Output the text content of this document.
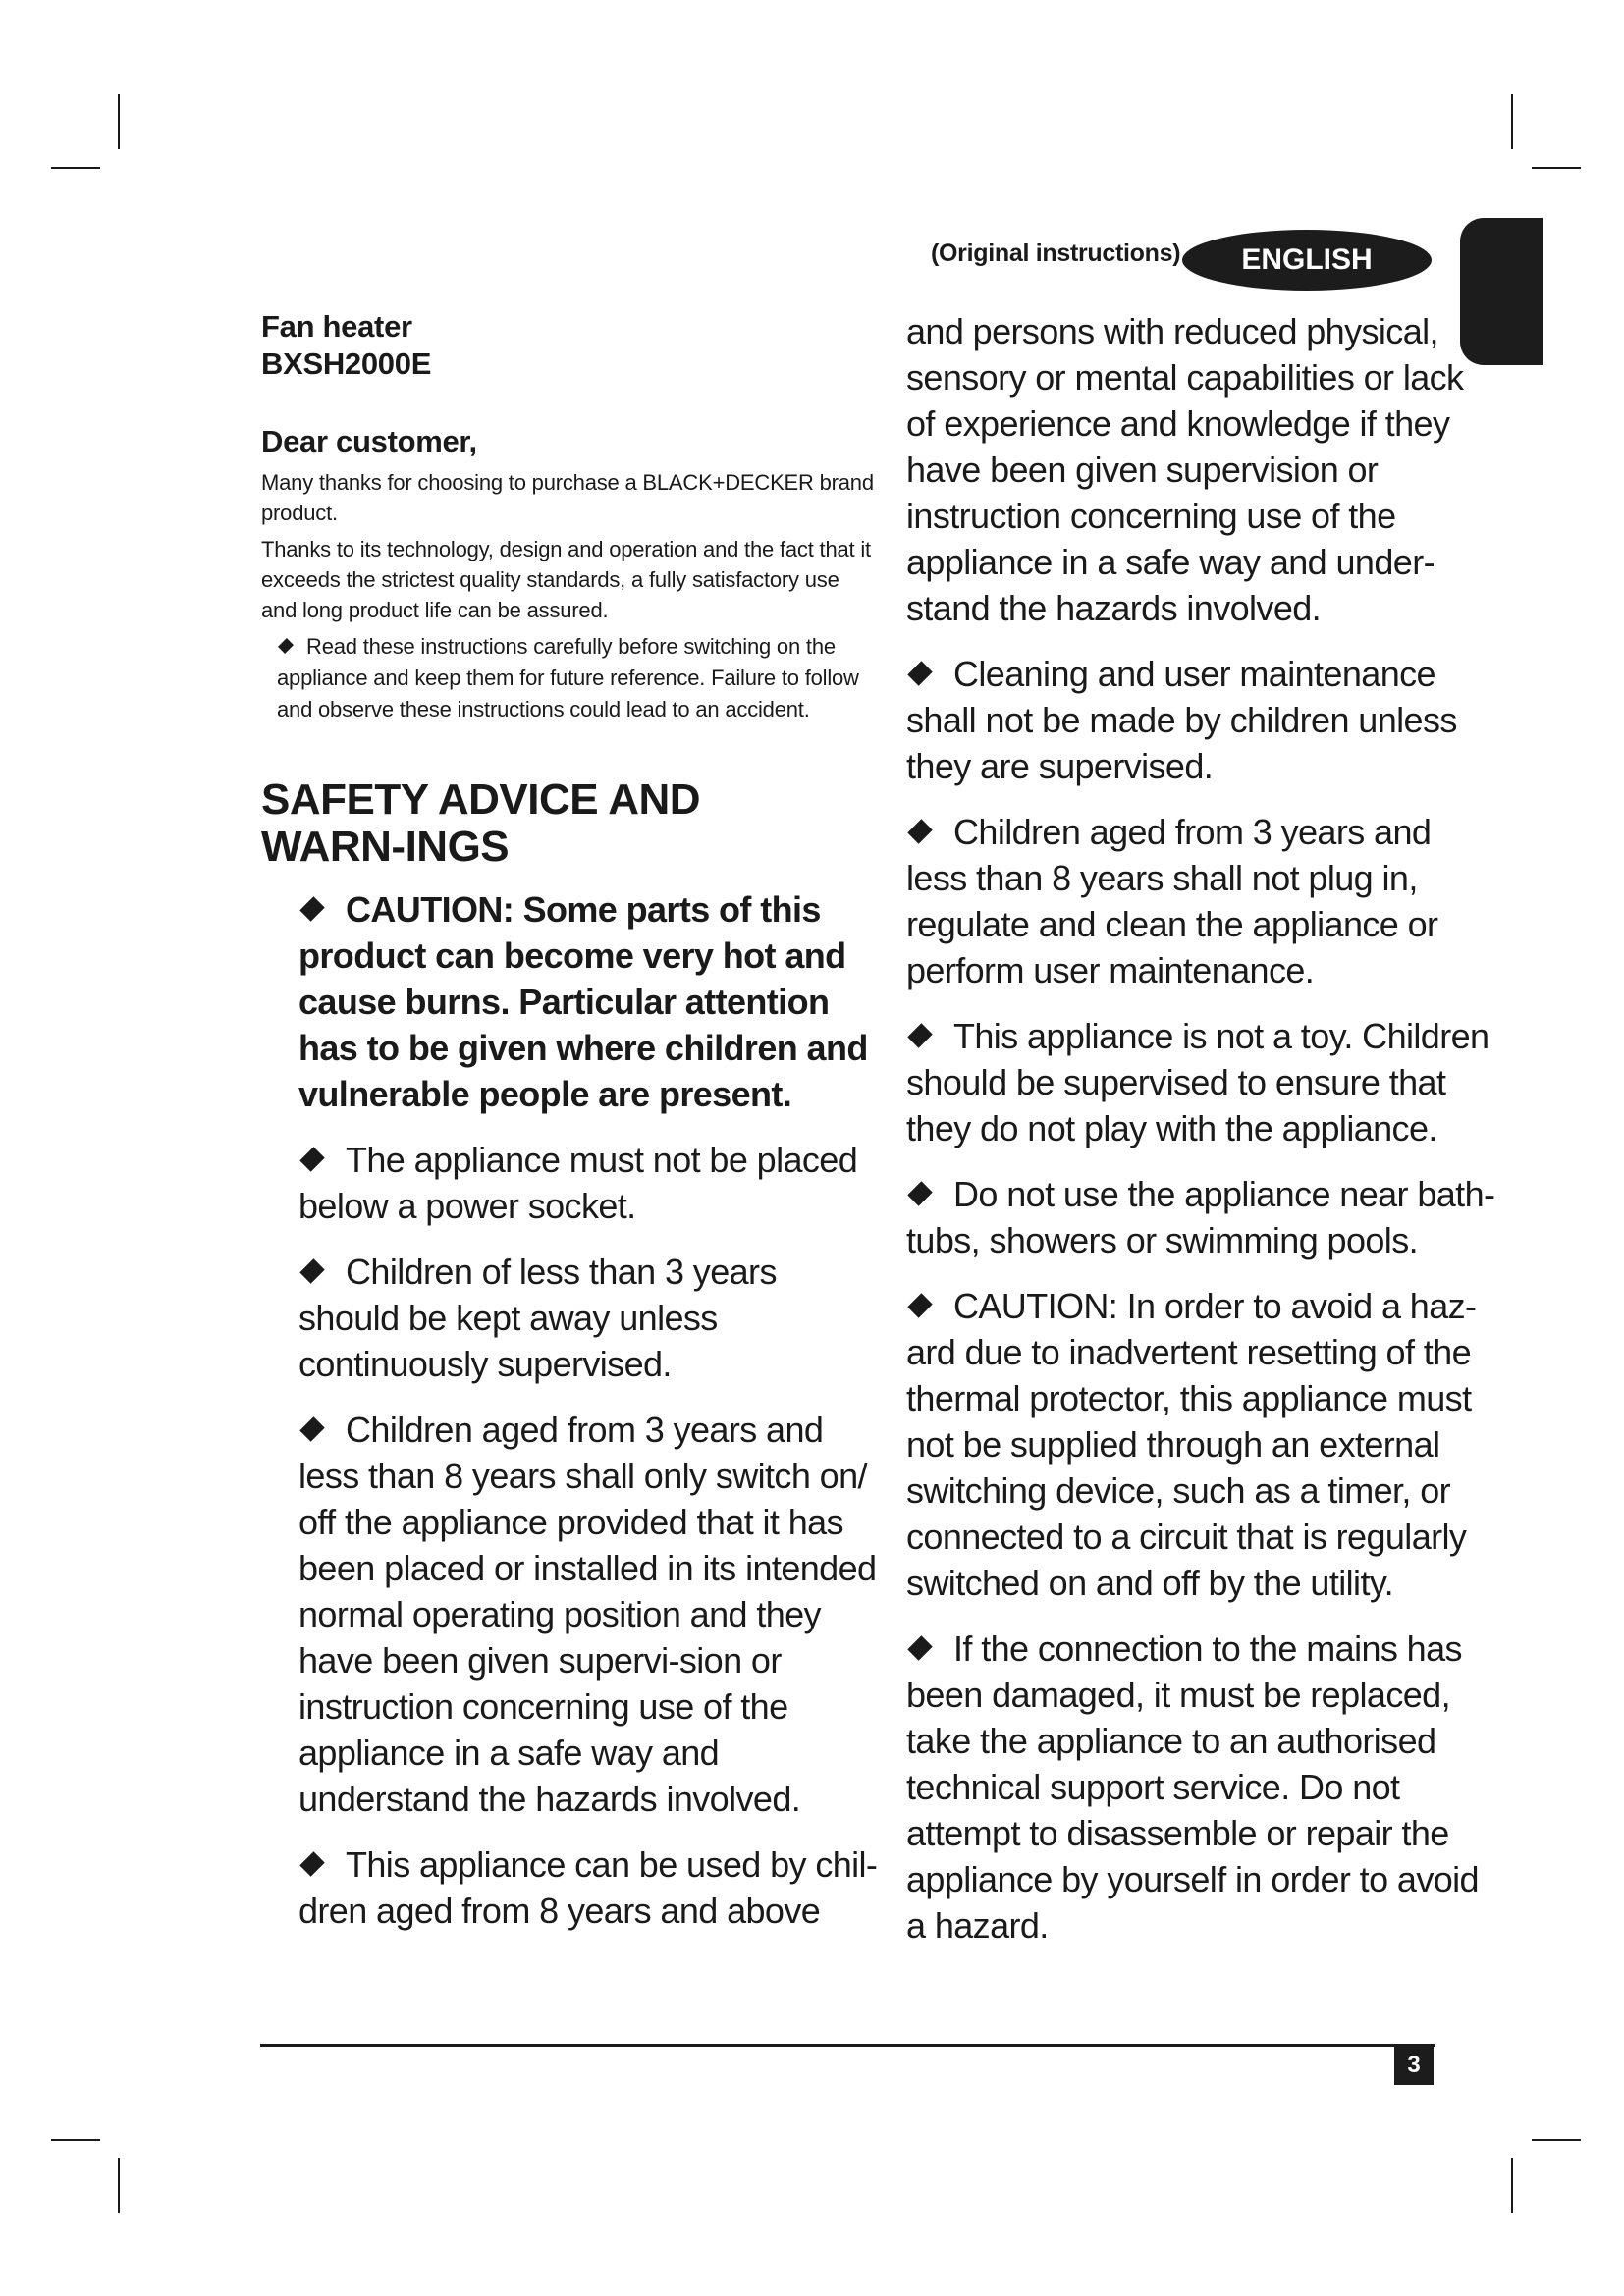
(Original instructions) ENGLISH
Fan heater
BXSH2000E
Dear customer,

Many thanks for choosing to purchase a BLACK+DECKER brand product.

Thanks to its technology, design and operation and the fact that it exceeds the strictest quality standards, a fully satisfactory use and long product life can be assured.

Read these instructions carefully before switching on the appliance and keep them for future reference. Failure to follow and observe these instructions could lead to an accident.
SAFETY ADVICE AND WARN-INGS
CAUTION: Some parts of this product can become very hot and cause burns. Particular attention has to be given where children and vulnerable people are present.
The appliance must not be placed below a power socket.
Children of less than 3 years should be kept away unless continuously supervised.
Children aged from 3 years and less than 8 years shall only switch on/ off the appliance provided that it has been placed or installed in its intended normal operating position and they have been given supervi-sion or instruction concerning use of the appliance in a safe way and understand the hazards involved.
This appliance can be used by chil-dren aged from 8 years and above
and persons with reduced physical, sensory or mental capabilities or lack of experience and knowledge if they have been given supervision or instruction concerning use of the appliance in a safe way and under-stand the hazards involved.
Cleaning and user maintenance shall not be made by children unless they are supervised.
Children aged from 3 years and less than 8 years shall not plug in, regulate and clean the appliance or perform user maintenance.
This appliance is not a toy. Children should be supervised to ensure that they do not play with the appliance.
Do not use the appliance near bath-tubs, showers or swimming pools.
CAUTION: In order to avoid a haz-ard due to inadvertent resetting of the thermal protector, this appliance must not be supplied through an external switching device, such as a timer, or connected to a circuit that is regularly switched on and off by the utility.
If the connection to the mains has been damaged, it must be replaced, take the appliance to an authorised technical support service. Do not attempt to disassemble or repair the appliance by yourself in order to avoid a hazard.
3
